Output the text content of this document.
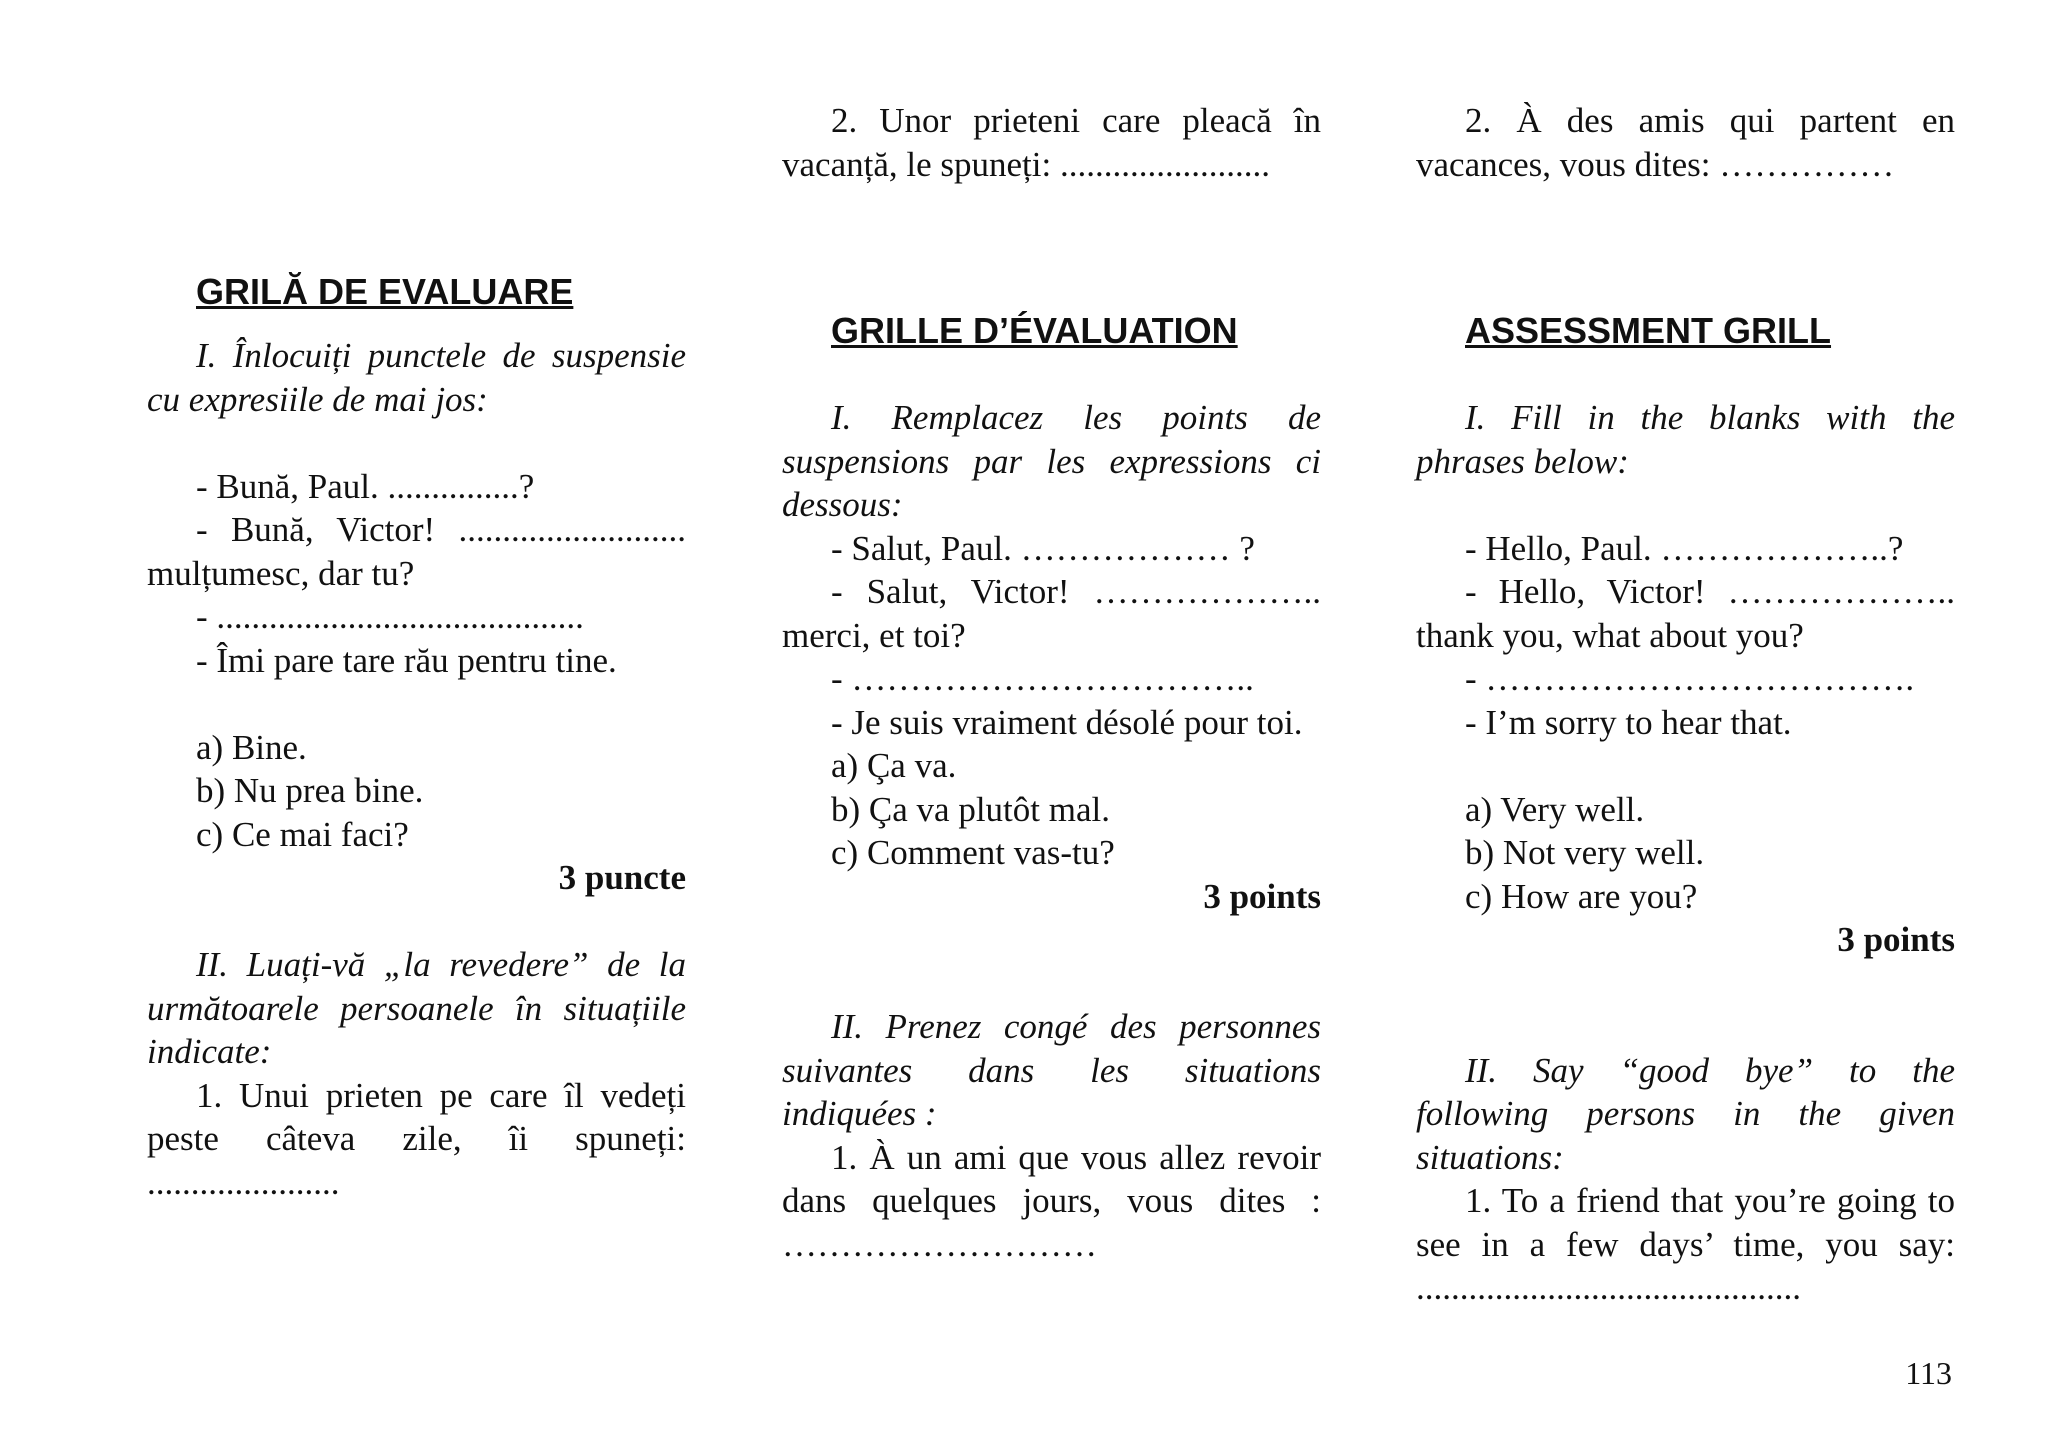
GRILĂ DE EVALUARE

I. Înlocuiți punctele de suspensie cu expresiile de mai jos:

- Bună, Paul. ...............?

- Bună, Victor! .......................... mulțumesc, dar tu?

- ..........................................

- Îmi pare tare rău pentru tine.

a) Bine.

b) Nu prea bine.

c) Ce mai faci?

3 puncte

II. Luați-vă „la revedere” de la următoarele persoanele în situațiile indicate:

1. Unui prieten pe care îl vedeți peste câteva zile, îi spuneți: ......................

2. Unor prieteni care pleacă în vacanță, le spuneți: ........................

GRILLE D’ÉVALUATION

I. Remplacez les points de suspensions par les expressions ci dessous:

- Salut, Paul. ……………… ?

- Salut, Victor! ……………….. merci, et toi?

- ……………………………..

- Je suis vraiment désolé pour toi.

a) Ça va.

b) Ça va plutôt mal.

c) Comment vas-tu?

3 points

II. Prenez congé des personnes suivantes dans les situations indiquées :

1. À un ami que vous allez revoir dans quelques jours, vous dites : ………………………

2. À des amis qui partent en vacances, vous dites: ……………

ASSESSMENT GRILL

I. Fill in the blanks with the phrases below:

- Hello, Paul. ………………..?

- Hello, Victor! ……………….. thank you, what about you?

- ……………………………….

- I’m sorry to hear that.

a) Very well.

b) Not very well.

c) How are you?

3 points

II. Say “good bye” to the following persons in the given situations:

1. To a friend that you’re going to see in a few days’ time, you say: ............................................

113
